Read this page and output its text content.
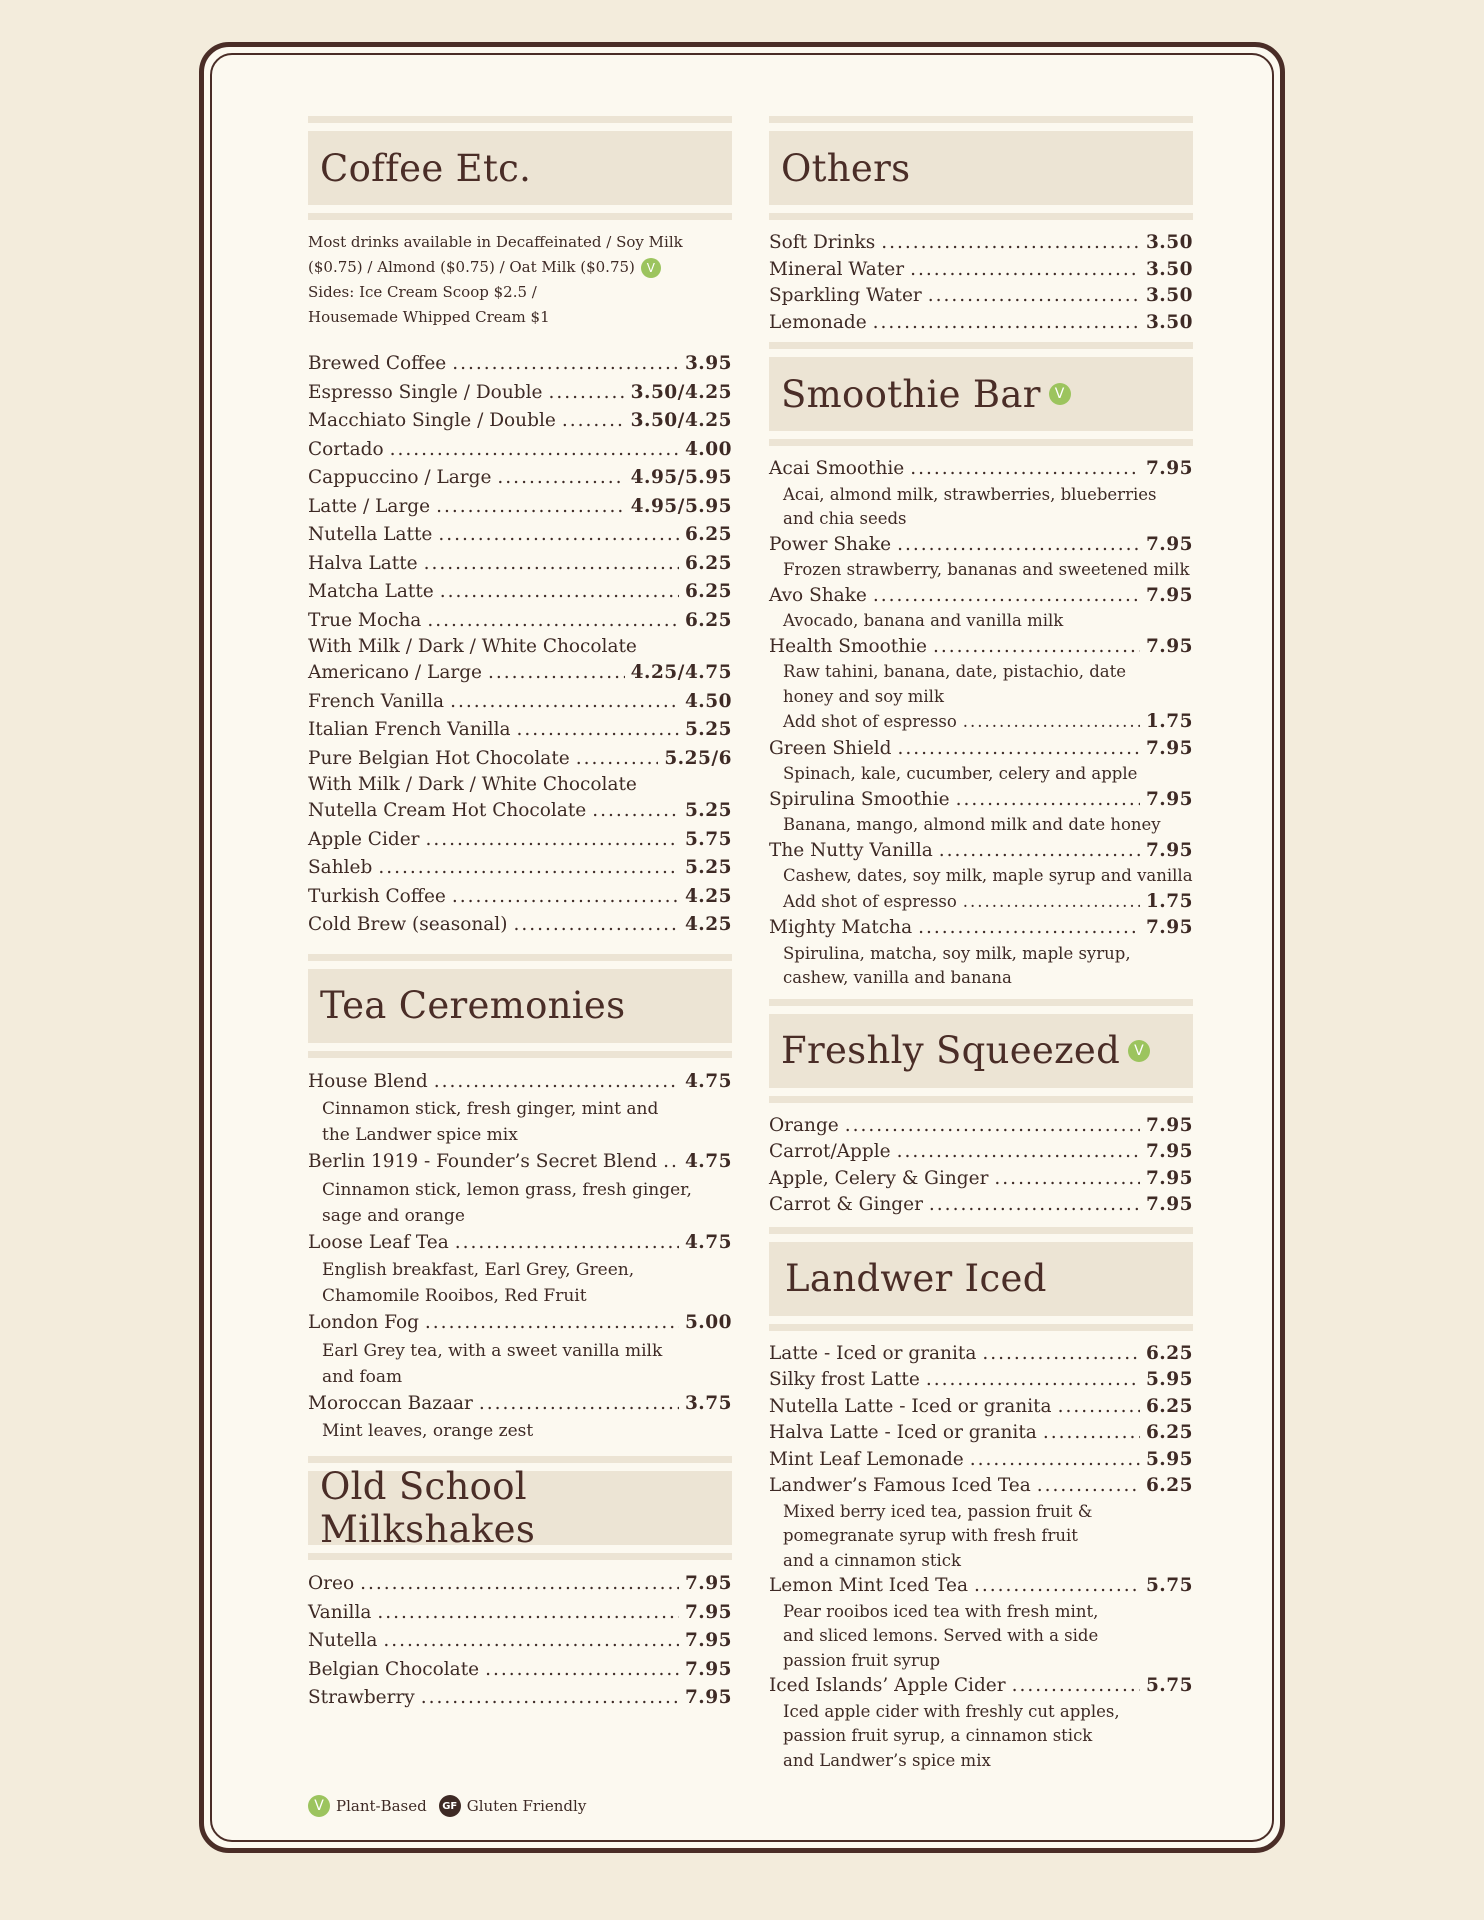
Coffee Etc.
Most drinks available in Decaffeinated / Soy Milk
($0.75) / Almond ($0.75) / Oat Milk ($0.75) V
Sides: Ice Cream Scoop $2.5 /
Housemade Whipped Cream $1
Brewed Coffee .....	3.95
Espresso Single / Double .....	3.50/4.25
Macchiato Single / Double .....	3.50/4.25
Cortado .....	4.00
Cappuccino / Large .....	4.95/5.95
Latte / Large .....	4.95/5.95
Nutella Latte .....	6.25
Halva Latte .....	6.25
Matcha Latte .....	6.25
True Mocha .....	6.25
With Milk / Dark / White Chocolate
Americano / Large .....	4.25/4.75
French Vanilla .....	4.50
Italian French Vanilla .....	5.25
Pure Belgian Hot Chocolate .....	5.25/6
With Milk / Dark / White Chocolate
Nutella Cream Hot Chocolate .....	5.25
Apple Cider .....	5.75
Sahleb .....	5.25
Turkish Coffee .....	4.25
Cold Brew (seasonal) .....	4.25
Tea Ceremonies
House Blend .....	4.75
Cinnamon stick, fresh ginger, mint and
the Landwer spice mix
Berlin 1919 - Founder’s Secret Blend ..... 4.75
Cinnamon stick, lemon grass, fresh ginger,
sage and orange
Loose Leaf Tea .....	4.75
English breakfast, Earl Grey, Green,
Chamomile Rooibos, Red Fruit
London Fog .....	5.00
Earl Grey tea, with a sweet vanilla milk
and foam
Moroccan Bazaar .....	3.75
Mint leaves, orange zest
Old School Milkshakes
Oreo .....	7.95
Vanilla .....	7.95
Nutella .....	7.95
Belgian Chocolate .....	7.95
Strawberry .....	7.95
V Plant-Based	GF Gluten Friendly
Others
Soft Drinks .....	3.50
Mineral Water .....	3.50
Sparkling Water .....	3.50
Lemonade .....	3.50
Smoothie Bar	V
Acai Smoothie .....	7.95
Acai, almond milk, strawberries, blueberries
and chia seeds
Power Shake .....	7.95
Frozen strawberry, bananas and sweetened milk
Avo Shake .....	7.95
Avocado, banana and vanilla milk
Health Smoothie .....	7.95
Raw tahini, banana, date, pistachio, date
honey and soy milk
Add shot of espresso .....	1.75
Green Shield .....	7.95
Spinach, kale, cucumber, celery and apple
Spirulina Smoothie .....	7.95
Banana, mango, almond milk and date honey
The Nutty Vanilla .....	7.95
Cashew, dates, soy milk, maple syrup and vanilla
Add shot of espresso .....	1.75
Mighty Matcha .....	7.95
Spirulina, matcha, soy milk, maple syrup,
cashew, vanilla and banana
Freshly Squeezed	V
Orange .....	7.95
Carrot/Apple .....	7.95
Apple, Celery & Ginger .....	7.95
Carrot & Ginger .....	7.95
Landwer Iced
Latte - Iced or granita .....	6.25
Silky frost Latte .....	5.95
Nutella Latte - Iced or granita .....	6.25
Halva Latte - Iced or granita .....	6.25
Mint Leaf Lemonade .....	5.95
Landwer’s Famous Iced Tea .....	6.25
Mixed berry iced tea, passion fruit &
pomegranate syrup with fresh fruit
and a cinnamon stick
Lemon Mint Iced Tea .....	5.75
Pear rooibos iced tea with fresh mint,
and sliced lemons. Served with a side
passion fruit syrup
Iced Islands’ Apple Cider .....	5.75
Iced apple cider with freshly cut apples,
passion fruit syrup, a cinnamon stick
and Landwer’s spice mix
